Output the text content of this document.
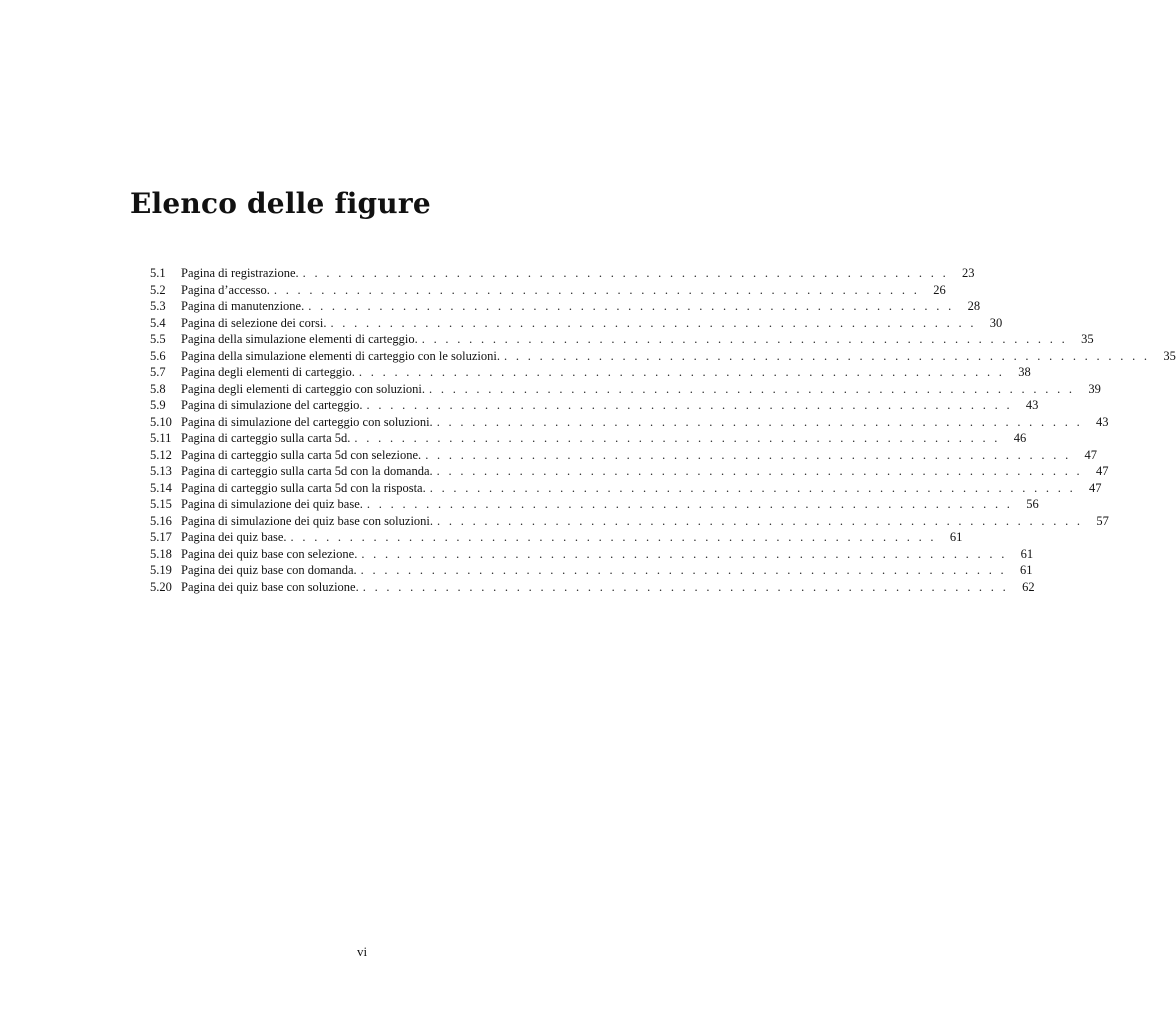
Elenco delle figure
5.1	Pagina di registrazione. . . . . . . . . . . . . . . . . . . . . . . . . . . . . . . . . . . . . . . . . . . . . . . . . . . . . . . .	23
5.2	Pagina d’accesso. . . . . . . . . . . . . . . . . . . . . . . . . . . . . . . . . . . . . . . . . . . . . . . . . . . . . . . .	26
5.3	Pagina di manutenzione. . . . . . . . . . . . . . . . . . . . . . . . . . . . . . . . . . . . . . . . . . . . . . . . . . . . . . . .	28
5.4	Pagina di selezione dei corsi. . . . . . . . . . . . . . . . . . . . . . . . . . . . . . . . . . . . . . . . . . . . . . . . . . . . . . . .	30
5.5	Pagina della simulazione elementi di carteggio. . . . . . . . . . . . . . . . . . . . . . . . . . . . . . . . . . . . . . . . . . . . . . . . . . . . . . . .	35
5.6	Pagina della simulazione elementi di carteggio con le soluzioni. . . . . . . . . . . . . . . . . . . . . . . . . . . . . . . . . . . . . . . . . . . . . . . . . . . . . . . .	35
5.7	Pagina degli elementi di carteggio. . . . . . . . . . . . . . . . . . . . . . . . . . . . . . . . . . . . . . . . . . . . . . . . . . . . . . . .	38
5.8	Pagina degli elementi di carteggio con soluzioni. . . . . . . . . . . . . . . . . . . . . . . . . . . . . . . . . . . . . . . . . . . . . . . . . . . . . . . .	39
5.9	Pagina di simulazione del carteggio. . . . . . . . . . . . . . . . . . . . . . . . . . . . . . . . . . . . . . . . . . . . . . . . . . . . . . . .	43
5.10 Pagina di simulazione del carteggio con soluzioni. . . . . . . . . . . . . . . . . . . . . . . . . . . . . . . . . . . . . . . . . . . . . . . . . . . . . . . .	43
5.11 Pagina di carteggio sulla carta 5d. . . . . . . . . . . . . . . . . . . . . . . . . . . . . . . . . . . . . . . . . . . . . . . . . . . . . . . .	46
5.12 Pagina di carteggio sulla carta 5d con selezione. . . . . . . . . . . . . . . . . . . . . . . . . . . . . . . . . . . . . . . . . . . . . . . . . . . . . . . .	47
5.13 Pagina di carteggio sulla carta 5d con la domanda. . . . . . . . . . . . . . . . . . . . . . . . . . . . . . . . . . . . . . . . . . . . . . . . . . . . . . . .	47
5.14 Pagina di carteggio sulla carta 5d con la risposta. . . . . . . . . . . . . . . . . . . . . . . . . . . . . . . . . . . . . . . . . . . . . . . . . . . . . . . .	47
5.15 Pagina di simulazione dei quiz base. . . . . . . . . . . . . . . . . . . . . . . . . . . . . . . . . . . . . . . . . . . . . . . . . . . . . . . .	56
5.16 Pagina di simulazione dei quiz base con soluzioni. . . . . . . . . . . . . . . . . . . . . . . . . . . . . . . . . . . . . . . . . . . . . . . . . . . . . . . .	57
5.17 Pagina dei quiz base. . . . . . . . . . . . . . . . . . . . . . . . . . . . . . . . . . . . . . . . . . . . . . . . . . . . . . . .	61
5.18 Pagina dei quiz base con selezione. . . . . . . . . . . . . . . . . . . . . . . . . . . . . . . . . . . . . . . . . . . . . . . . . . . . . . . .	61
5.19 Pagina dei quiz base con domanda. . . . . . . . . . . . . . . . . . . . . . . . . . . . . . . . . . . . . . . . . . . . . . . . . . . . . . . .	61
5.20 Pagina dei quiz base con soluzione. . . . . . . . . . . . . . . . . . . . . . . . . . . . . . . . . . . . . . . . . . . . . . . . . . . . . . . .	62
vi
